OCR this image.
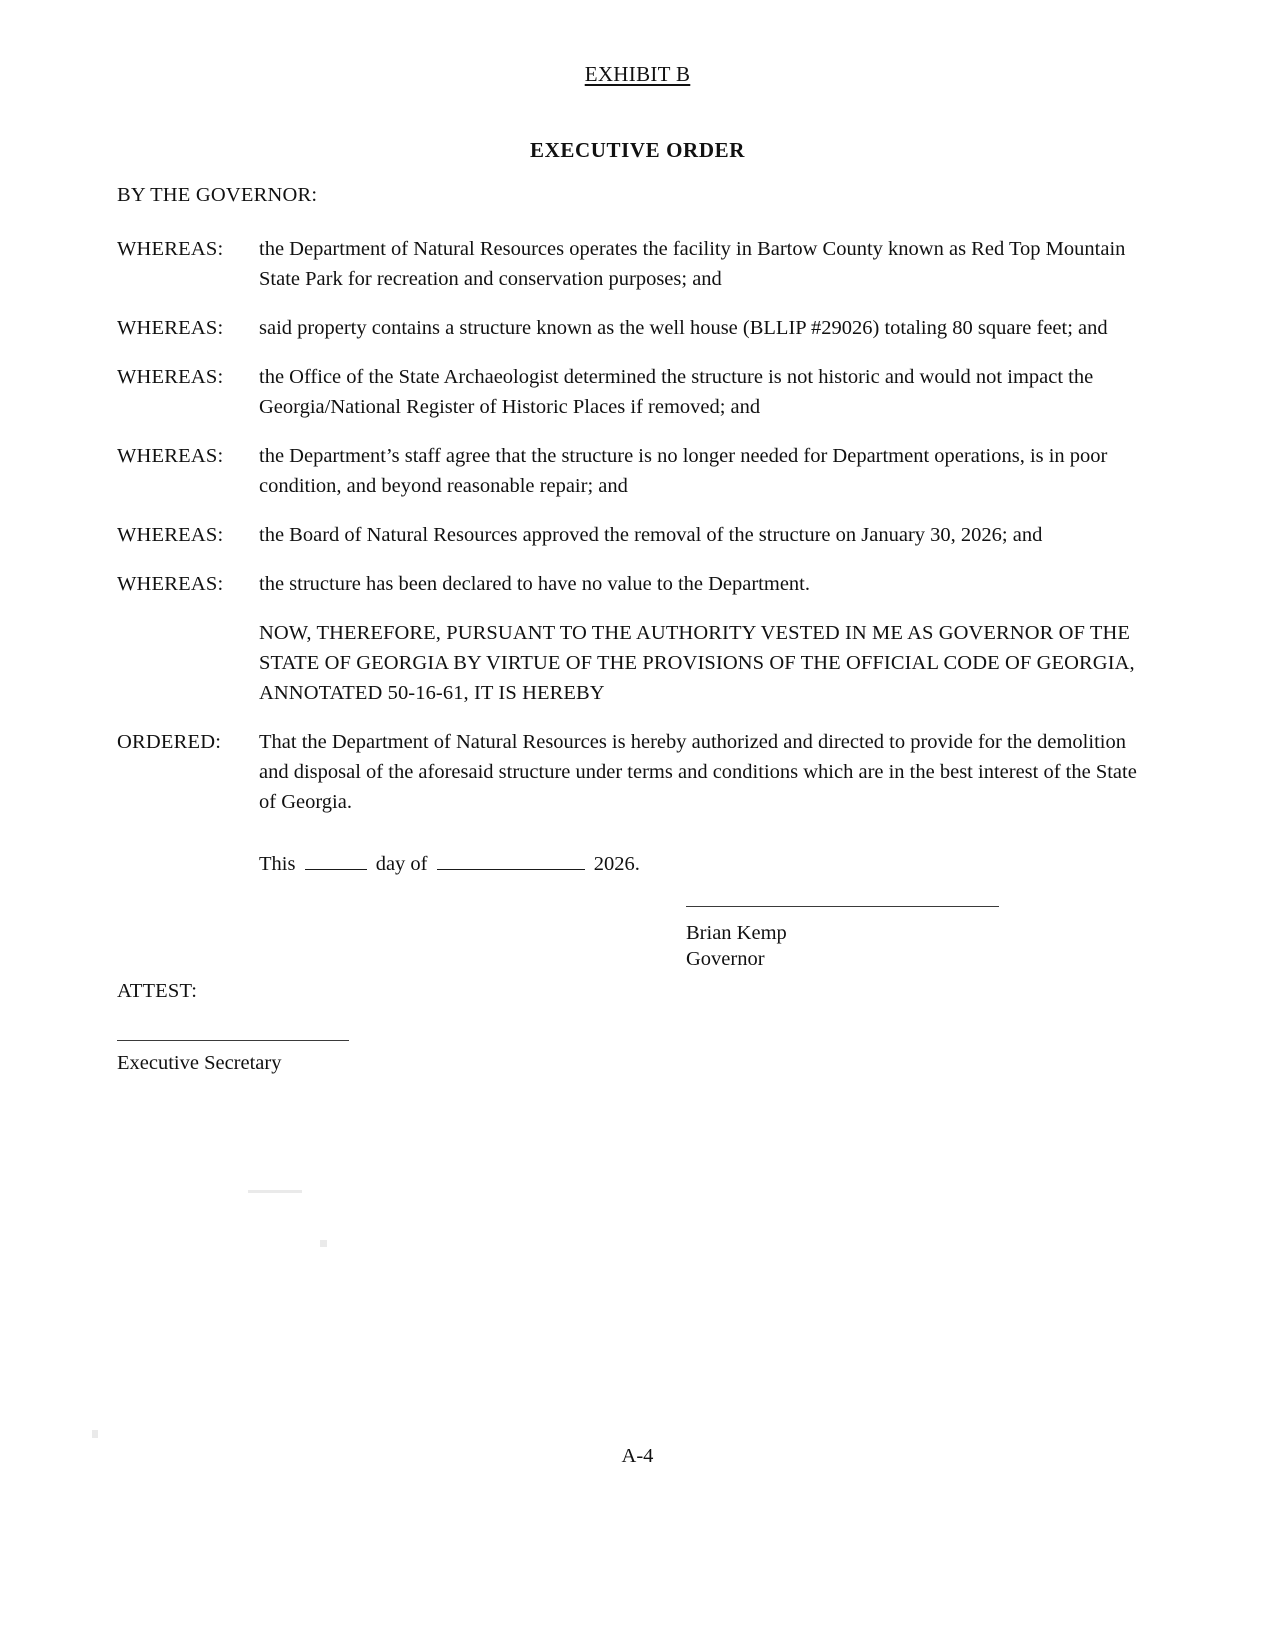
EXHIBIT B
EXECUTIVE ORDER
BY THE GOVERNOR:
WHEREAS:	the Department of Natural Resources operates the facility in Bartow County known as Red Top Mountain State Park for recreation and conservation purposes; and
WHEREAS:	said property contains a structure known as the well house (BLLIP #29026) totaling 80 square feet; and
WHEREAS:	the Office of the State Archaeologist determined the structure is not historic and would not impact the Georgia/National Register of Historic Places if removed; and
WHEREAS:	the Department’s staff agree that the structure is no longer needed for Department operations, is in poor condition, and beyond reasonable repair; and
WHEREAS:	the Board of Natural Resources approved the removal of the structure on January 30, 2026; and
WHEREAS:	the structure has been declared to have no value to the Department.
NOW, THEREFORE, PURSUANT TO THE AUTHORITY VESTED IN ME AS GOVERNOR OF THE STATE OF GEORGIA BY VIRTUE OF THE PROVISIONS OF THE OFFICIAL CODE OF GEORGIA, ANNOTATED 50-16-61, IT IS HEREBY
ORDERED:	That the Department of Natural Resources is hereby authorized and directed to provide for the demolition and disposal of the aforesaid structure under terms and conditions which are in the best interest of the State of Georgia.
This	day of	2026.
Brian Kemp
Governor
ATTEST:
Executive Secretary
A-4
